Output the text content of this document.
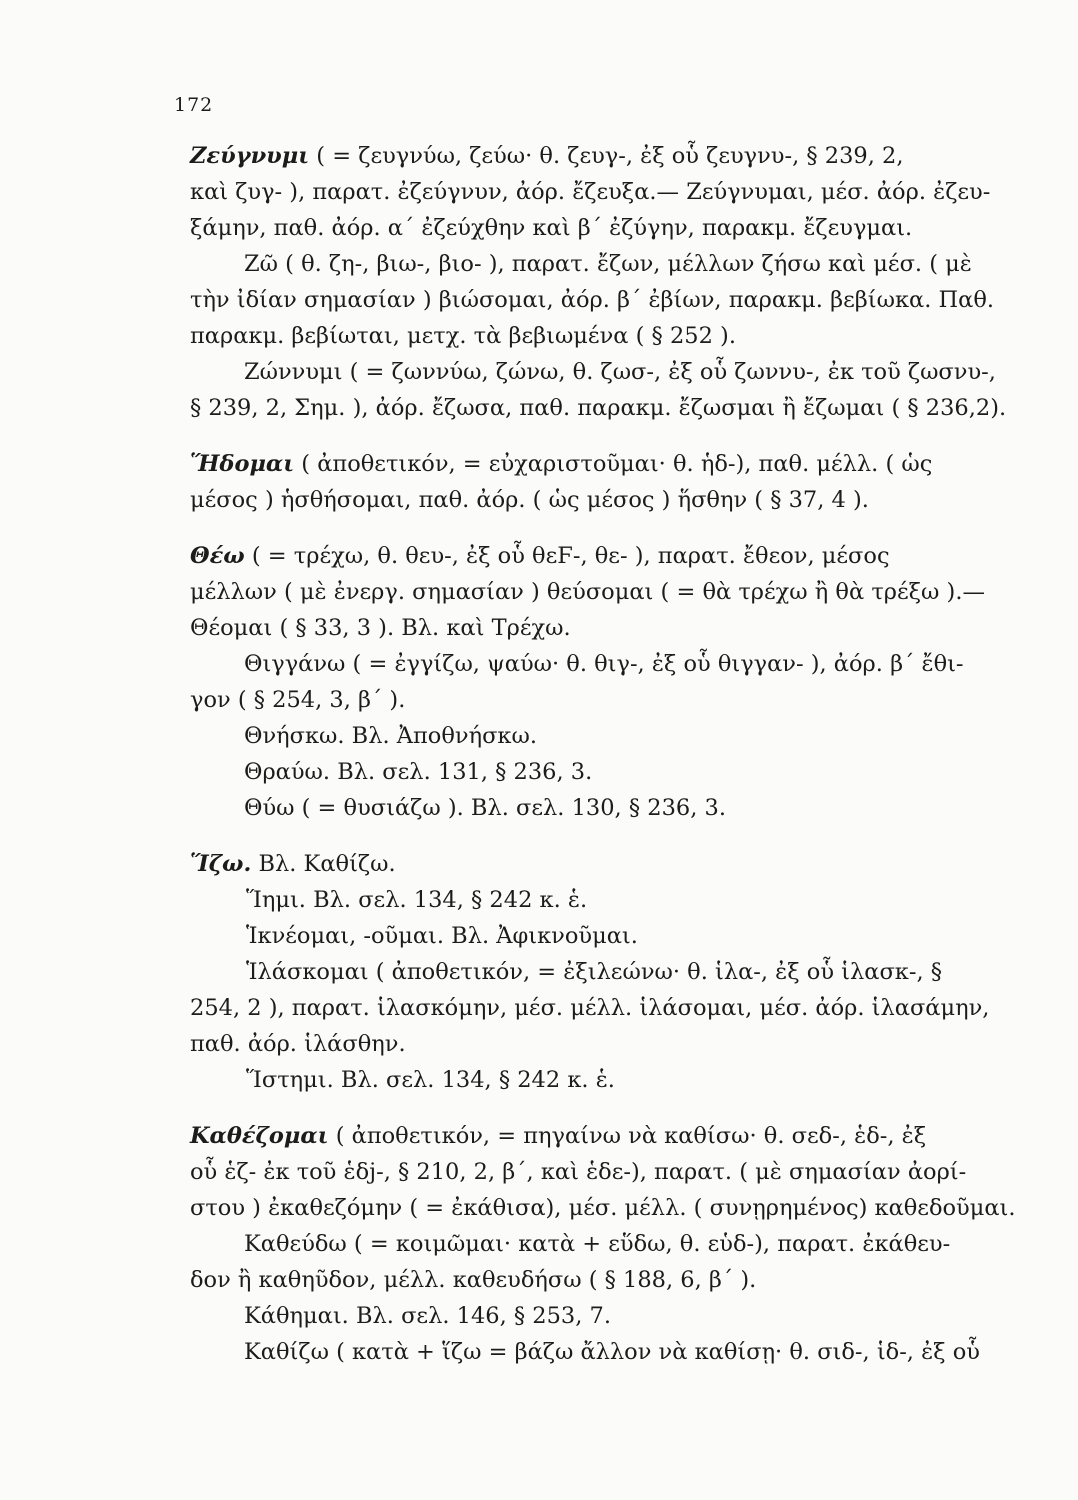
172
Ζεύγνυμι ( = ζευγνύω, ζεύω· θ. ζευγ-, ἐξ οὗ ζευγνυ-, § 239, 2,
καὶ ζυγ- ), παρατ. ἐζεύγνυν, ἀόρ. ἔζευξα.— Ζεύγνυμαι, μέσ. ἀόρ. ἐζευ-
ξάμην, παθ. ἀόρ. α΄ ἐζεύχθην καὶ β΄ ἐζύγην, παρακμ. ἔζευγμαι.
Ζῶ ( θ. ζη-, βιω-, βιο- ), παρατ. ἔζων, μέλλων ζήσω καὶ μέσ. ( μὲ
τὴν ἰδίαν σημασίαν ) βιώσομαι, ἀόρ. β΄ ἐβίων, παρακμ. βεβίωκα. Παθ.
παρακμ. βεβίωται, μετχ. τὰ βεβιωμένα ( § 252 ).
Ζώννυμι ( = ζωννύω, ζώνω, θ. ζωσ-, ἐξ οὗ ζωννυ-, ἐκ τοῦ ζωσνυ-,
§ 239, 2, Σημ. ), ἀόρ. ἔζωσα, παθ. παρακμ. ἔζωσμαι ἢ ἔζωμαι ( § 236,2).
Ἥδομαι ( ἀποθετικόν, = εὐχαριστοῦμαι· θ. ἡδ-), παθ. μέλλ. ( ὡς
μέσος ) ἡσθήσομαι, παθ. ἀόρ. ( ὡς μέσος ) ἥσθην ( § 37, 4 ).
Θέω ( = τρέχω, θ. θευ-, ἐξ οὗ θεϜ-, θε- ), παρατ. ἔθεον, μέσος
μέλλων ( μὲ ἐνεργ. σημασίαν ) θεύσομαι ( = θὰ τρέχω ἢ θὰ τρέξω ).—
Θέομαι ( § 33, 3 ). Βλ. καὶ Τρέχω.
Θιγγάνω ( = ἐγγίζω, ψαύω· θ. θιγ-, ἐξ οὗ θιγγαν- ), ἀόρ. β΄ ἔθι-
γον ( § 254, 3, β΄ ).
Θνήσκω. Βλ. Ἀποθνήσκω.
Θραύω. Βλ. σελ. 131, § 236, 3.
Θύω ( = θυσιάζω ). Βλ. σελ. 130, § 236, 3.
Ἵζω. Βλ. Καθίζω.
Ἵημι. Βλ. σελ. 134, § 242 κ. ἑ.
Ἱκνέομαι, -οῦμαι. Βλ. Ἀφικνοῦμαι.
Ἱλάσκομαι ( ἀποθετικόν, = ἐξιλεώνω· θ. ἱλα-, ἐξ οὗ ἱλασκ-, §
254, 2 ), παρατ. ἱλασκόμην, μέσ. μέλλ. ἱλάσομαι, μέσ. ἀόρ. ἱλασάμην,
παθ. ἀόρ. ἱλάσθην.
Ἵστημι. Βλ. σελ. 134, § 242 κ. ἑ.
Καθέζομαι ( ἀποθετικόν, = πηγαίνω νὰ καθίσω· θ. σεδ-, ἑδ-, ἐξ
οὗ ἑζ- ἐκ τοῦ ἑδj-, § 210, 2, β΄, καὶ ἑδε-), παρατ. ( μὲ σημασίαν ἀορί-
στου ) ἐκαθεζόμην ( = ἐκάθισα), μέσ. μέλλ. ( συνῃρημένος) καθεδοῦμαι.
Καθεύδω ( = κοιμῶμαι· κατὰ + εὕδω, θ. εὑδ-), παρατ. ἐκάθευ-
δον ἢ καθηῦδον, μέλλ. καθευδήσω ( § 188, 6, β΄ ).
Κάθημαι. Βλ. σελ. 146, § 253, 7.
Καθίζω ( κατὰ + ἵζω = βάζω ἄλλον νὰ καθίσῃ· θ. σιδ-, ἱδ-, ἐξ οὗ
